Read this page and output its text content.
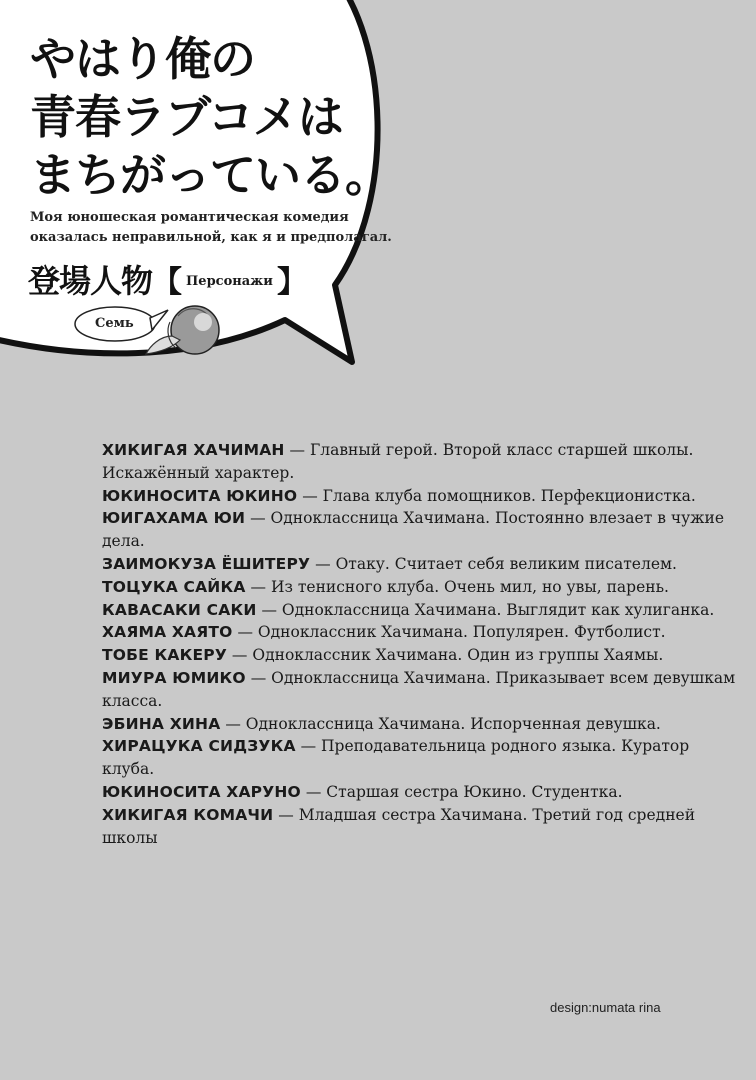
やはり俺の
青春ラブコメは
まちがっている。
Моя юношеская романтическая комедия
оказалась неправильной, как я и предполагал.
登場人物 【 Персонажи 】
Семь

ХИКИГАЯ ХАЧИМАН — Главный герой. Второй класс старшей школы. Искажённый характер.

ЮКИНОСИТА ЮКИНО — Глава клуба помощников. Перфекционистка.

ЮИГАХАМА ЮИ — Одноклассница Хачимана. Постоянно влезает в чужие дела.

ЗАИМОКУЗА ЁШИТЕРУ — Отаку. Считает себя великим писателем.

ТОЦУКА САЙКА — Из тенисного клуба. Очень мил, но увы, парень.

КАВАСАКИ САКИ — Одноклассница Хачимана. Выглядит как хулиганка.

ХАЯМА ХАЯТО — Одноклассник Хачимана. Популярен. Футболист.

ТОБЕ КАКЕРУ — Одноклассник Хачимана. Один из группы Хаямы.

МИУРА ЮМИКО — Одноклассница Хачимана. Приказывает всем девушкам класса.

ЭБИНА ХИНА — Одноклассница Хачимана. Испорченная девушка.

ХИРАЦУКА СИДЗУКА — Преподавательница родного языка. Куратор клуба.

ЮКИНОСИТА ХАРУНО — Старшая сестра Юкино. Студентка.

ХИКИГАЯ КОМАЧИ — Младшая сестра Хачимана. Третий год средней школы

design:numata rina
